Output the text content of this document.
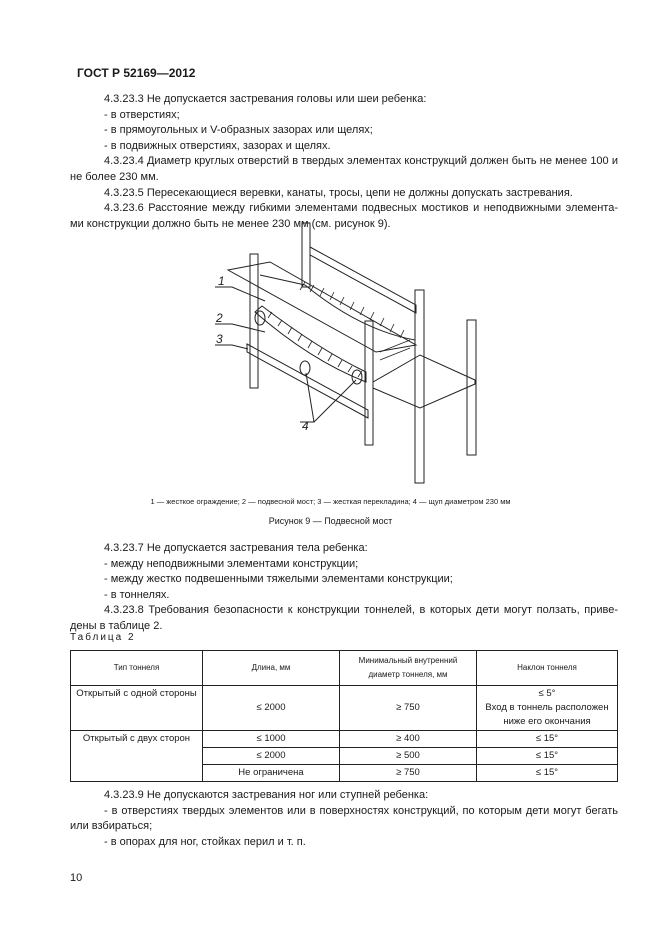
ГОСТ Р 52169—2012

4.3.23.3 Не допускается застревания головы или шеи ребенка:

- в отверстиях;

- в прямоугольных и V-образных зазорах или щелях;

- в подвижных отверстиях, зазорах и щелях.

4.3.23.4 Диаметр круглых отверстий в твердых элементах конструкций должен быть не менее 100 и не более 230 мм.

4.3.23.5 Пересекающиеся веревки, канаты, тросы, цепи не должны допускать застревания.

4.3.23.6 Расстояние между гибкими элементами подвесных мостиков и неподвижными элемента-ми конструкции должно быть не менее 230 мм (см. рисунок 9).

1
2
3
4
1 — жесткое ограждение; 2 — подвесной мост; 3 — жесткая перекладина; 4 — щуп диаметром 230 мм
Рисунок 9 — Подвесной мост

4.3.23.7 Не допускается застревания тела ребенка:

- между неподвижными элементами конструкции;

- между жестко подвешенными тяжелыми элементами конструкции;

- в тоннелях.

4.3.23.8 Требования безопасности к конструкции тоннелей, в которых дети могут ползать, приве-дены в таблице 2.

Таблица 2
Тип тоннеля	Длина, мм	Минимальный внутренний диаметр тоннеля, мм	Наклон тоннеля
Открытый с одной стороны	≤ 2000	≥ 750	≤ 5°
Вход в тоннель расположен ниже его окончания

Открытый с двух сторон	≤ 1000	≥ 400	≤ 15°
	≤ 2000	≥ 500	≤ 15°
	Не ограничена	≥ 750	≤ 15°

4.3.23.9 Не допускаются застревания ног или ступней ребенка:

- в отверстиях твердых элементов или в поверхностях конструкций, по которым дети могут бегать или взбираться;

- в опорах для ног, стойках перил и т. п.

10
